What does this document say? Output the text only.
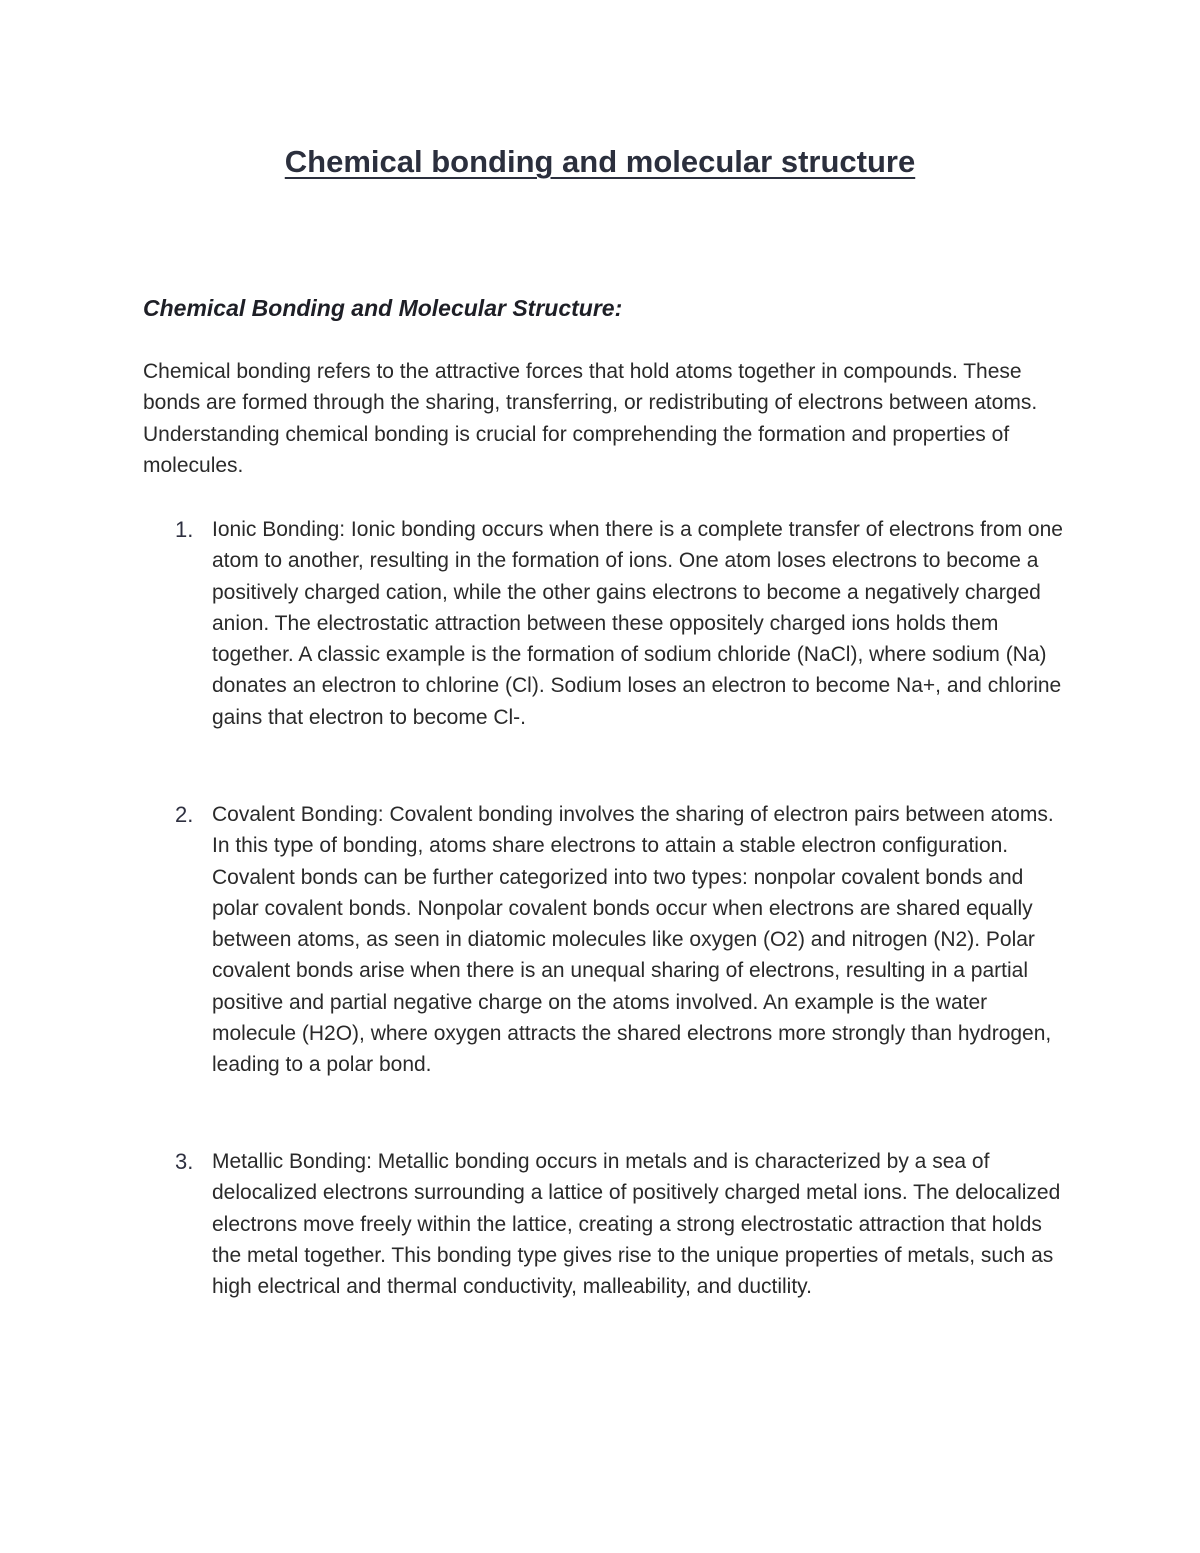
Chemical bonding and molecular structure
Chemical Bonding and Molecular Structure:

Chemical bonding refers to the attractive forces that hold atoms together in compounds. These bonds are formed through the sharing, transferring, or redistributing of electrons between atoms. Understanding chemical bonding is crucial for comprehending the formation and properties of molecules.

1. Ionic Bonding: Ionic bonding occurs when there is a complete transfer of electrons from one atom to another, resulting in the formation of ions. One atom loses electrons to become a positively charged cation, while the other gains electrons to become a negatively charged anion. The electrostatic attraction between these oppositely charged ions holds them together. A classic example is the formation of sodium chloride (NaCl), where sodium (Na) donates an electron to chlorine (Cl). Sodium loses an electron to become Na+, and chlorine gains that electron to become Cl-.
2. Covalent Bonding: Covalent bonding involves the sharing of electron pairs between atoms. In this type of bonding, atoms share electrons to attain a stable electron configuration. Covalent bonds can be further categorized into two types: nonpolar covalent bonds and polar covalent bonds. Nonpolar covalent bonds occur when electrons are shared equally between atoms, as seen in diatomic molecules like oxygen (O2) and nitrogen (N2). Polar covalent bonds arise when there is an unequal sharing of electrons, resulting in a partial positive and partial negative charge on the atoms involved. An example is the water molecule (H2O), where oxygen attracts the shared electrons more strongly than hydrogen, leading to a polar bond.
3. Metallic Bonding: Metallic bonding occurs in metals and is characterized by a sea of delocalized electrons surrounding a lattice of positively charged metal ions. The delocalized electrons move freely within the lattice, creating a strong electrostatic attraction that holds the metal together. This bonding type gives rise to the unique properties of metals, such as high electrical and thermal conductivity, malleability, and ductility.
